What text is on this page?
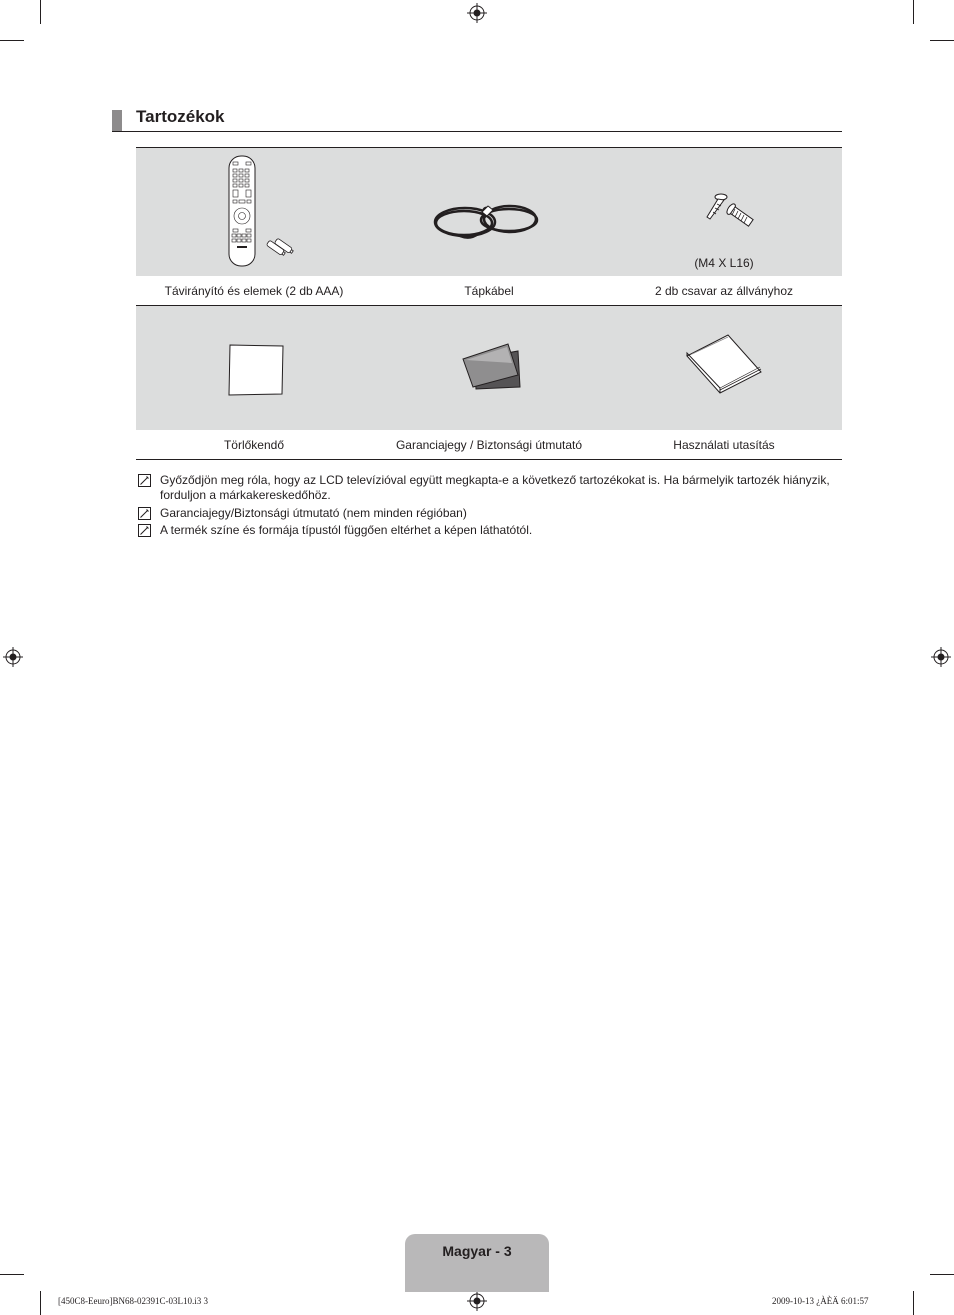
Tartozékok
(M4 X L16)
Távirányító és elemek (2 db AAA)	Tápkábel	2 db csavar az állványhoz
Törlőkendő	Garanciajegy / Biztonsági útmutató	Használati utasítás
Győződjön meg róla, hogy az LCD televízióval együtt megkapta-e a következő tartozékokat is. Ha bármelyik tartozék hiányzik, forduljon a márkakereskedőhöz.
Garanciajegy/Biztonsági útmutató (nem minden régióban)
A termék színe és formája típustól függően eltérhet a képen láthatótól.
Magyar - 3
[450C8-Eeuro]BN68-02391C-03L10.i3 3	2009-10-13 ¿ÀÈÄ 6:01:57
